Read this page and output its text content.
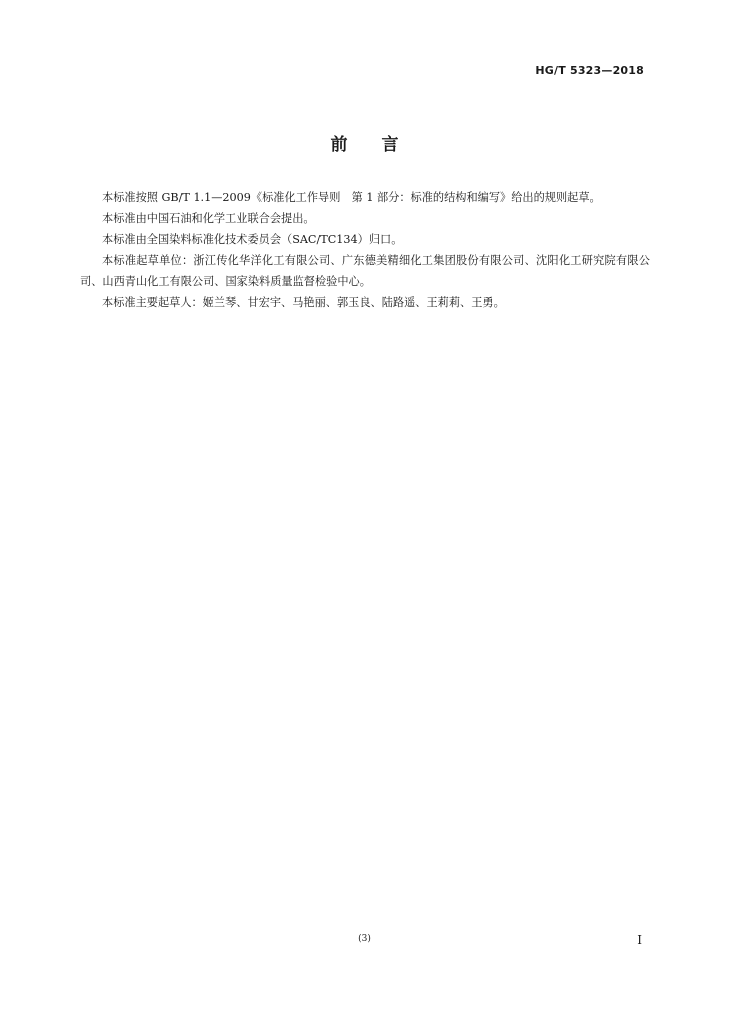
HG/T 5323—2018
前言

本标准按照 GB/T 1.1—2009《标准化工作导则　第 1 部分：标准的结构和编写》给出的规则起草。

本标准由中国石油和化学工业联合会提出。

本标准由全国染料标准化技术委员会（SAC/TC134）归口。

本标准起草单位：浙江传化华洋化工有限公司、广东德美精细化工集团股份有限公司、沈阳化工研究院有限公司、山西青山化工有限公司、国家染料质量监督检验中心。

本标准主要起草人：姬兰琴、甘宏宇、马艳丽、郭玉良、陆路遥、王莉莉、王勇。

(3)	I
